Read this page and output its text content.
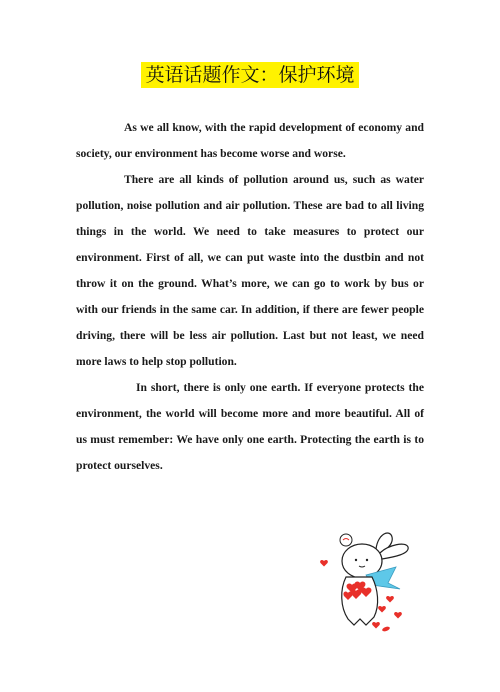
英语话题作文：保护环境

As we all know, with the rapid development of economy and society, our environment has become worse and worse.

There are all kinds of pollution around us, such as water pollution, noise pollution and air pollution. These are bad to all living things in the world. We need to take measures to protect our environment. First of all, we can put waste into the dustbin and not throw it on the ground. What’s more, we can go to work by bus or with our friends in the same car. In addition, if there are fewer people driving, there will be less air pollution. Last but not least, we need more laws to help stop pollution.

In short, there is only one earth. If everyone protects the environment, the world will become more and more beautiful. All of us must remember: We have only one earth. Protecting the earth is to protect ourselves.
